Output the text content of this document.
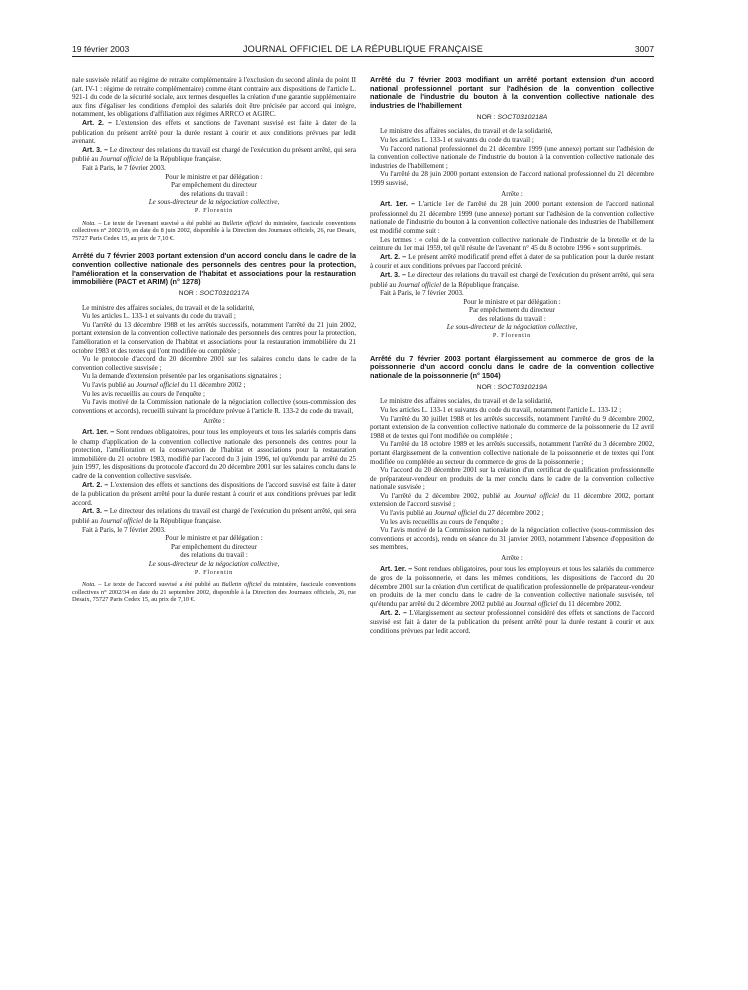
19 février 2003	JOURNAL OFFICIEL DE LA RÉPUBLIQUE FRANÇAISE	3007

nale susvisée relatif au régime de retraite complémentaire à l'exclusion du second alinéa du point II (art. IV-1 : régime de retraite complémentaire) comme étant contraire aux dispositions de l'article L. 921-1 du code de la sécurité sociale, aux termes desquelles la création d'une garantie supplémentaire aux fins d'égaliser les conditions d'emploi des salariés doit être précisée par accord qui intègre, notamment, les obligations d'affiliation aux régimes ARRCO et AGIRC.

Art. 2. – L'extension des effets et sanctions de l'avenant susvisé est faite à dater de la publication du présent arrêté pour la durée restant à courir et aux conditions prévues par ledit avenant.

Art. 3. – Le directeur des relations du travail est chargé de l'exécution du présent arrêté, qui sera publié au Journal officiel de la République française.

Fait à Paris, le 7 février 2003.

Pour le ministre et par délégation :

Par empêchement du directeur

des relations du travail :

Le sous-directeur de la négociation collective,

P. Florentin

Nota. – Le texte de l'avenant susvisé a été publié au Bulletin officiel du ministère, fascicule conventions collectives n° 2002/19, en date du 8 juin 2002, disponible à la Direction des Journaux officiels, 26, rue Desaix, 75727 Paris Cedex 15, au prix de 7,10 €.

Arrêté du 7 février 2003 portant extension d'un accord conclu dans le cadre de la convention collective nationale des personnels des centres pour la protection, l'amélioration et la conservation de l'habitat et associations pour la restauration immobilière (PACT et ARIM) (n° 1278)

NOR : SOCT0310217A

Le ministre des affaires sociales, du travail et de la solidarité,

Vu les articles L. 133-1 et suivants du code du travail ;

Vu l'arrêté du 13 décembre 1988 et les arrêtés successifs, notamment l'arrêté du 21 juin 2002, portant extension de la convention collective nationale des personnels des centres pour la protection, l'amélioration et la conservation de l'habitat et associations pour la restauration immobilière du 21 octobre 1983 et des textes qui l'ont modifiée ou complétée ;

Vu le protocole d'accord du 20 décembre 2001 sur les salaires conclu dans le cadre de la convention collective susvisée ;

Vu la demande d'extension présentée par les organisations signataires ;

Vu l'avis publié au Journal officiel du 11 décembre 2002 ;

Vu les avis recueillis au cours de l'enquête ;

Vu l'avis motivé de la Commission nationale de la négociation collective (sous-commission des conventions et accords), recueilli suivant la procédure prévue à l'article R. 133-2 du code du travail,

Arrête :

Art. 1er. – Sont rendues obligatoires, pour tous les employeurs et tous les salariés compris dans le champ d'application de la convention collective nationale des personnels des centres pour la protection, l'amélioration et la conservation de l'habitat et associations pour la restauration immobilière du 21 octobre 1983, modifié par l'accord du 3 juin 1996, tel qu'étendu par arrêté du 25 juin 1997, les dispositions du protocole d'accord du 20 décembre 2001 sur les salaires conclu dans le cadre de la convention collective susvisée.

Art. 2. – L'extension des effets et sanctions des dispositions de l'accord susvisé est faite à dater de la publication du présent arrêté pour la durée restant à courir et aux conditions prévues par ledit accord.

Art. 3. – Le directeur des relations du travail est chargé de l'exécution du présent arrêté, qui sera publié au Journal officiel de la République française.

Fait à Paris, le 7 février 2003.

Pour le ministre et par délégation :

Par empêchement du directeur

des relations du travail :

Le sous-directeur de la négociation collective,

P. Florentin

Nota. – Le texte de l'accord susvisé a été publié au Bulletin officiel du ministère, fascicule conventions collectives n° 2002/34 en date du 21 septembre 2002, disponible à la Direction des Journaux officiels, 26, rue Desaix, 75727 Paris Cedex 15, au prix de 7,10 €.

Arrêté du 7 février 2003 modifiant un arrêté portant extension d'un accord national professionnel portant sur l'adhésion de la convention collective nationale de l'industrie du bouton à la convention collective nationale des industries de l'habillement

NOR : SOCT0310218A

Le ministre des affaires sociales, du travail et de la solidarité,

Vu les articles L. 133-1 et suivants du code du travail ;

Vu l'accord national professionnel du 21 décembre 1999 (une annexe) portant sur l'adhésion de la convention collective nationale de l'industrie du bouton à la convention collective nationale des industries de l'habillement ;

Vu l'arrêté du 28 juin 2000 portant extension de l'accord national professionnel du 21 décembre 1999 susvisé,

Arrête :

Art. 1er. – L'article 1er de l'arrêté du 28 juin 2000 portant extension de l'accord national professionnel du 21 décembre 1999 (une annexe) portant sur l'adhésion de la convention collective nationale de l'industrie du bouton à la convention collective nationale des industries de l'habillement est modifié comme suit :

Les termes : « celui de la convention collective nationale de l'industrie de la bretelle et de la ceinture du 1er mai 1959, tel qu'il résulte de l'avenant n° 45 du 8 octobre 1996 » sont supprimés.

Art. 2. – Le présent arrêté modificatif prend effet à dater de sa publication pour la durée restant à courir et aux conditions prévues par l'accord précité.

Art. 3. – Le directeur des relations du travail est chargé de l'exécution du présent arrêté, qui sera publié au Journal officiel de la République française.

Fait à Paris, le 7 février 2003.

Pour le ministre et par délégation :

Par empêchement du directeur

des relations du travail :

Le sous-directeur de la négociation collective,

P. Florentin

Arrêté du 7 février 2003 portant élargissement au commerce de gros de la poissonnerie d'un accord conclu dans le cadre de la convention collective nationale de la poissonnerie (n° 1504)

NOR : SOCT0310219A

Le ministre des affaires sociales, du travail et de la solidarité,

Vu les articles L. 133-1 et suivants du code du travail, notamment l'article L. 133-12 ;

Vu l'arrêté du 30 juillet 1988 et les arrêtés successifs, notamment l'arrêté du 9 décembre 2002, portant extension de la convention collective nationale du commerce de la poissonnerie du 12 avril 1988 et de textes qui l'ont modifiée ou complétée ;

Vu l'arrêté du 18 octobre 1989 et les arrêtés successifs, notamment l'arrêté du 3 décembre 2002, portant élargissement de la convention collective nationale de la poissonnerie et de textes qui l'ont modifiée ou complétée au secteur du commerce de gros de la poissonnerie ;

Vu l'accord du 20 décembre 2001 sur la création d'un certificat de qualification professionnelle de préparateur-vendeur en produits de la mer conclu dans le cadre de la convention collective nationale susvisée ;

Vu l'arrêté du 2 décembre 2002, publié au Journal officiel du 11 décembre 2002, portant extension de l'accord susvisé ;

Vu l'avis publié au Journal officiel du 27 décembre 2002 ;

Vu les avis recueillis au cours de l'enquête ;

Vu l'avis motivé de la Commission nationale de la négociation collective (sous-commission des conventions et accords), rendu en séance du 31 janvier 2003, notamment l'absence d'opposition de ses membres,

Arrête :

Art. 1er. – Sont rendues obligatoires, pour tous les employeurs et tous les salariés du commerce de gros de la poissonnerie, et dans les mêmes conditions, les dispositions de l'accord du 20 décembre 2001 sur la création d'un certificat de qualification professionnelle de préparateur-vendeur en produits de la mer conclu dans le cadre de la convention collective nationale susvisée, tel qu'étendu par arrêté du 2 décembre 2002 publié au Journal officiel du 11 décembre 2002.

Art. 2. – L'élargissement au secteur professionnel considéré des effets et sanctions de l'accord susvisé est fait à dater de la publication du présent arrêté pour la durée restant à courir et aux conditions prévues par ledit accord.
